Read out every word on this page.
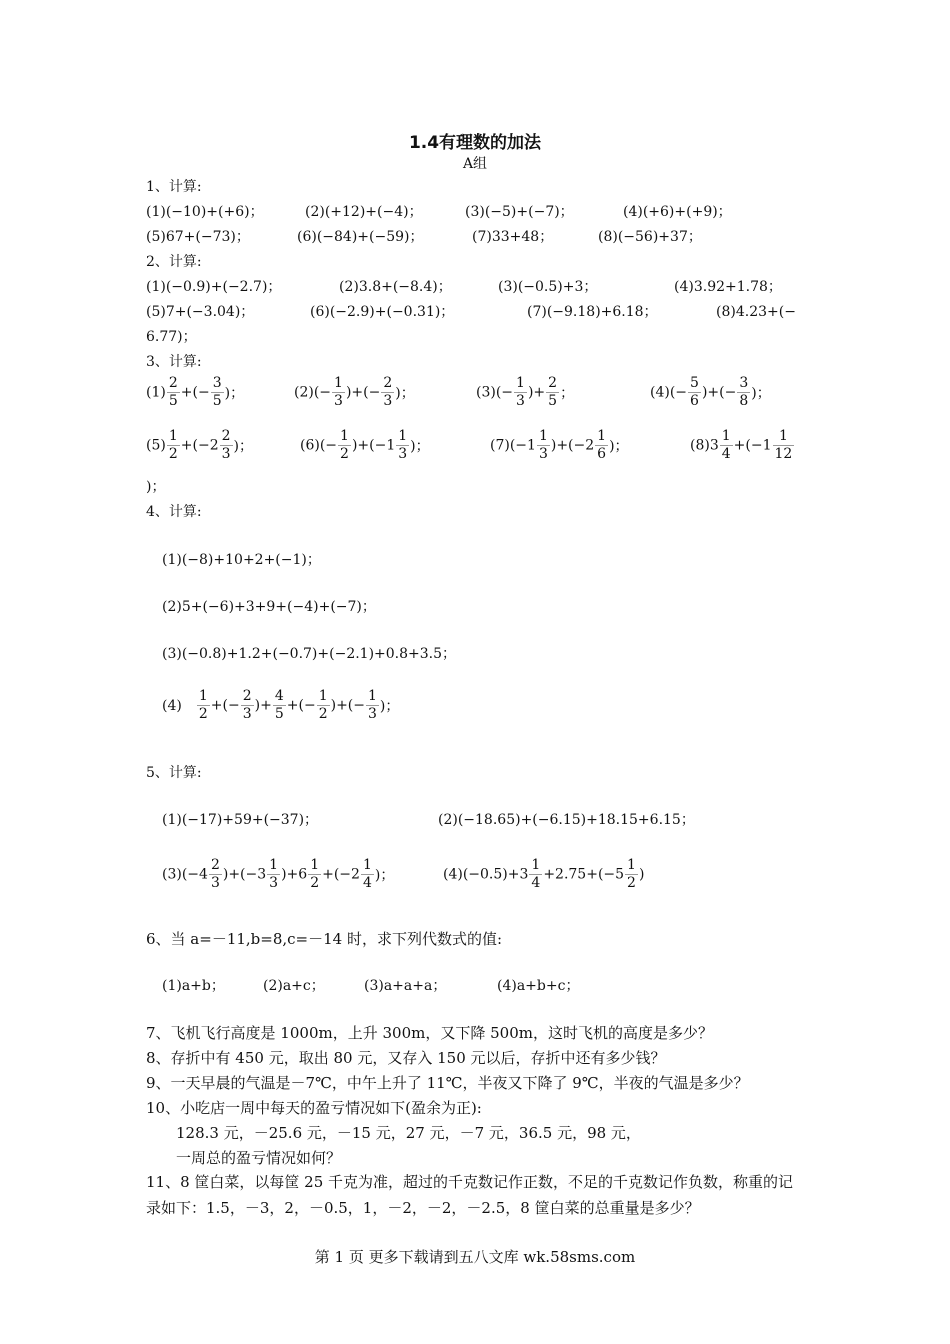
1.4有理数的加法
A组
1、计算:
(1)(−10)+(+6)；	(2)(+12)+(−4)；	(3)(−5)+(−7)；	(4)(+6)+(+9)；
(5)67+(−73)；	(6)(−84)+(−59)；	(7)33+48；	(8)(−56)+37；
2、计算:
(1)(−0.9)+(−2.7)；	(2)3.8+(−8.4)；	(3)(−0.5)+3；	(4)3.92+1.78；
(5)7+(−3.04)；	(6)(−2.9)+(−0.31)；	(7)(−9.18)+6.18；	(8)4.23+(−
6.77)；
3、计算:
$(1) \frac{2}{5}$ +(− $\frac{3}{5}$ )；	$(2)(- \frac{1}{3}$ )+(− $\frac{2}{3}$ )；	$(3)(- \frac{1}{3}$ )+ $\frac{2}{5}$ ；	$(4)(- \frac{5}{6}$ )+(− $\frac{3}{8}$ )；
$(5) \frac{1}{2} +(-2 \frac{2}{3}$ )；	$(6)(- \frac{1}{2} )+(-1 \frac{1}{3}$ )；	$(7)(-1 \frac{1}{3} )+(-2 \frac{1}{6}$ )；	$(8)3 \frac{1}{4} +(-1 \frac{1}{12}$
)；
4、计算:
(1)(−8)+10+2+(−1)；
(2)5+(−6)+3+9+(−4)+(−7)；
(3)(−0.8)+1.2+(−0.7)+(−2.1)+0.8+3.5；
$(4) \frac{1}{2}$ +(− $\frac{2}{3}$ )+ $\frac{4}{5}$ +(− $\frac{1}{2}$ )+(− $\frac{1}{3}$ )；
5、计算:
(1)(−17)+59+(−37)；	(2)(−18.65)+(−6.15)+18.15+6.15；
$(3)(-4 \frac{2}{3} )+(-3 \frac{1}{3} )+6 \frac{1}{2} +(-2 \frac{1}{4}$ )；	$(4)(-0.5)+3 \frac{1}{4} +2.75+(-5 \frac{1}{2}$ )
6、当 a=－11,b=8,c=－14 时，求下列代数式的值:
(1)a+b；	(2)a+c；	(3)a+a+a；	(4)a+b+c；
7、飞机飞行高度是 1000m，上升 300m，又下降 500m，这时飞机的高度是多少？
8、存折中有 450 元，取出 80 元，又存入 150 元以后，存折中还有多少钱？
9、一天早晨的气温是－7℃，中午上升了 11℃，半夜又下降了 9℃，半夜的气温是多少？
10、小吃店一周中每天的盈亏情况如下(盈余为正):
128.3 元，－25.6 元，－15 元，27 元，－7 元，36.5 元，98 元，
一周总的盈亏情况如何？
11、8 筐白菜，以每筐 25 千克为准，超过的千克数记作正数，不足的千克数记作负数，称重的记录如下：1.5，－3，2，－0.5，1，－2，－2，－2.5，8 筐白菜的总重量是多少？
第 1 页 更多下载请到五八文库 wk.58sms.com
